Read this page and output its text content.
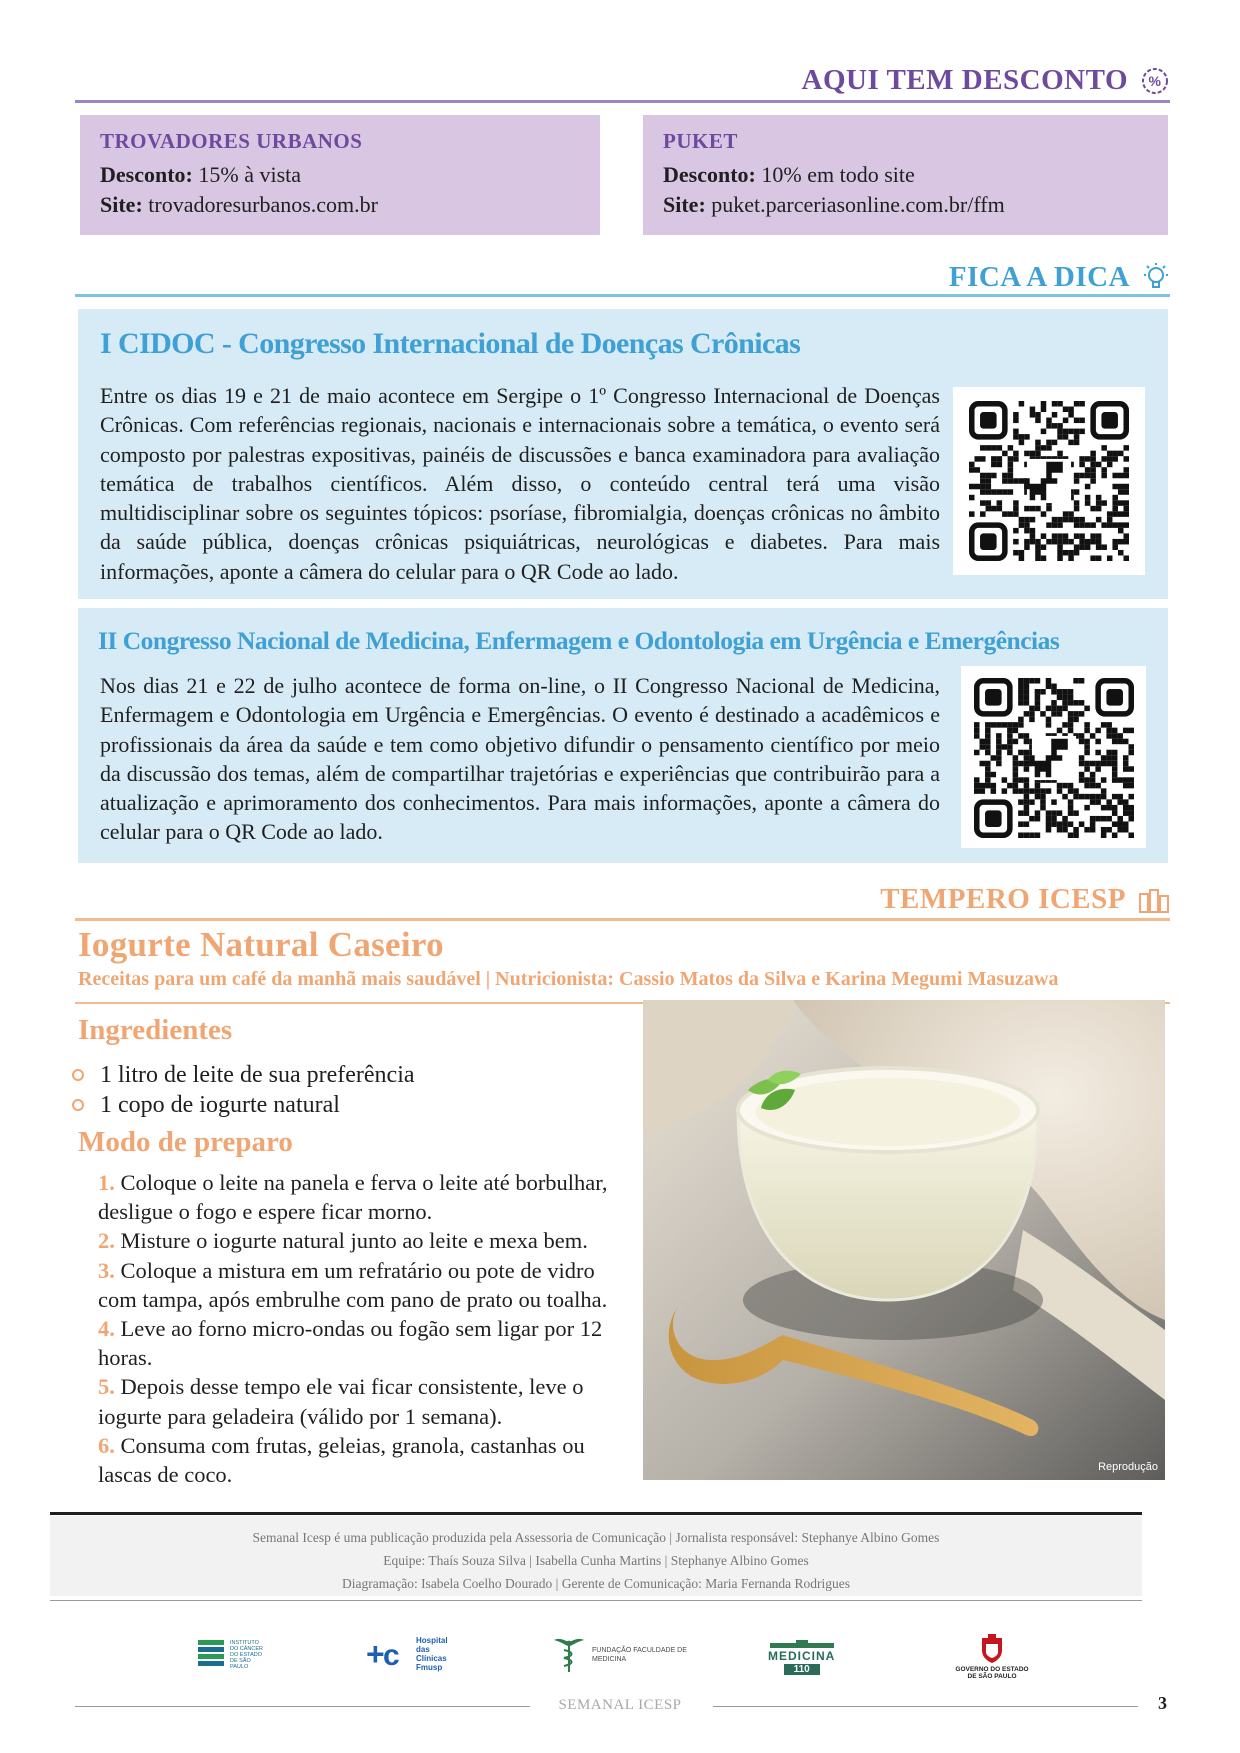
AQUI TEM DESCONTO %
TROVADORES URBANOS
Desconto: 15% à vista
Site: trovadoresurbanos.com.br
PUKET
Desconto: 10% em todo site
Site: puket.parceriasonline.com.br/ffm
FICA A DICA
I CIDOC - Congresso Internacional de Doenças Crônicas
Entre os dias 19 e 21 de maio acontece em Sergipe o 1º Congresso Internacional de Doenças Crônicas. Com referências regionais, nacionais e internacionais sobre a temática, o evento será composto por palestras expositivas, painéis de discussões e banca examinadora para avaliação temática de trabalhos científicos. Além disso, o conteúdo central terá uma visão multidisciplinar sobre os seguintes tópicos: psoríase, fibromialgia, doenças crônicas no âmbito da saúde pública, doenças crônicas psiquiátricas, neurológicas e diabetes. Para mais informações, aponte a câmera do celular para o QR Code ao lado.
II Congresso Nacional de Medicina, Enfermagem e Odontologia em Urgência e Emergências
Nos dias 21 e 22 de julho acontece de forma on-line, o II Congresso Nacional de Medicina, Enfermagem e Odontologia em Urgência e Emergências. O evento é destinado a acadêmicos e profissionais da área da saúde e tem como objetivo difundir o pensamento científico por meio da discussão dos temas, além de compartilhar trajetórias e experiências que contribuirão para a atualização e aprimoramento dos conhecimentos. Para mais informações, aponte a câmera do celular para o QR Code ao lado.
TEMPERO ICESP
Iogurte Natural Caseiro
Receitas para um café da manhã mais saudável | Nutricionista: Cassio Matos da Silva e Karina Megumi Masuzawa
Ingredientes
1 litro de leite de sua preferência
1 copo de iogurte natural
Modo de preparo

1. Coloque o leite na panela e ferva o leite até borbulhar, desligue o fogo e espere ficar morno.

2. Misture o iogurte natural junto ao leite e mexa bem.

3. Coloque a mistura em um refratário ou pote de vidro com tampa, após embrulhe com pano de prato ou toalha.

4. Leve ao forno micro-ondas ou fogão sem ligar por 12 horas.

5. Depois desse tempo ele vai ficar consistente, leve o iogurte para geladeira (válido por 1 semana).

6. Consuma com frutas, geleias, granola, castanhas ou lascas de coco.	Reprodução
Semanal Icesp é uma publicação produzida pela Assessoria de Comunicação | Jornalista responsável: Stephanye Albino Gomes
Equipe: Thaís Souza Silva | Isabella Cunha Martins | Stephanye Albino Gomes
Diagramação: Isabela Coelho Dourado | Gerente de Comunicação: Maria Fernanda Rodrigues
INSTITUTO DO CÂNCER DO ESTADO DE SÃO PAULO	+
c Hospital das Clínicas Fmusp
FUNDAÇÃO FACULDADE DE MEDICINA	MEDICINA
110	GOVERNO DO ESTADO DE SÃO PAULO
SEMANAL ICESP	3
